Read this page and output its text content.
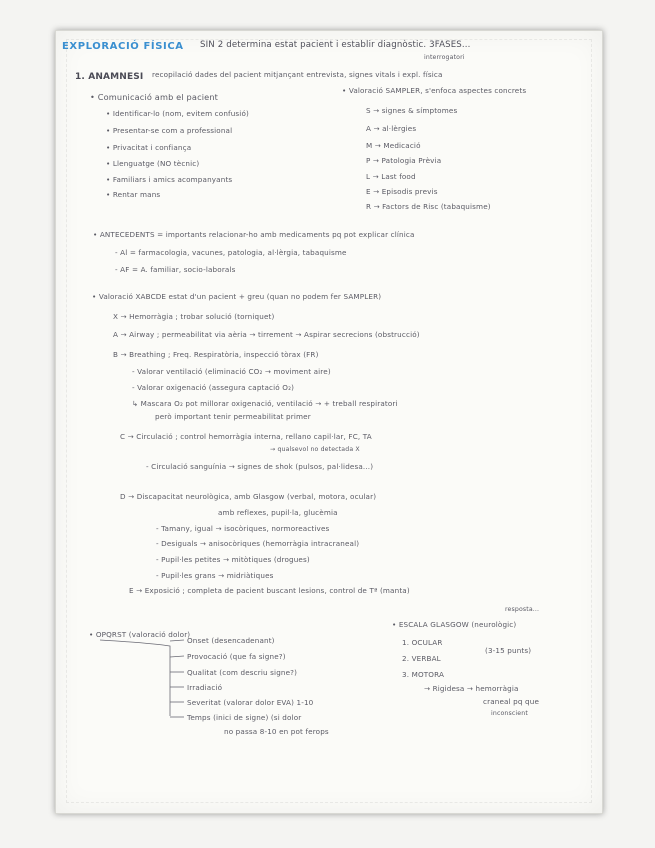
EXPLORACIÓ FÍSICA SIN 2 determina estat pacient i establir diagnòstic. 3FASES...
interrogatori
1. ANAMNESI recopilació dades del pacient mitjançant entrevista, signes vitals i expl. física
• Comunicació amb el pacient
• Identificar-lo (nom, evitem confusió)
• Presentar-se com a professional
• Privacitat i confiança
• Llenguatge (NO tècnic)
• Familiars i amics acompanyants
• Rentar mans
• Valoració SAMPLER, s'enfoca aspectes concrets
S → signes & símptomes
A → al·lèrgies
M → Medicació
P → Patologia Prèvia
L → Last food
E → Episodis previs
R → Factors de Risc (tabaquisme)
• ANTECEDENTS = importants relacionar-ho amb medicaments pq pot explicar clínica
- Al = farmacologia, vacunes, patologia, al·lèrgia, tabaquisme
- AF = A. familiar, socio-laborals
• Valoració XABCDE estat d'un pacient + greu (quan no podem fer SAMPLER)
X → Hemorràgia ; trobar solució (torniquet)
A → Airway ; permeabilitat via aèria → tirrement → Aspirar secrecions (obstrucció)
B → Breathing ; Freq. Respiratòria, inspecció tòrax (FR)
- Valorar ventilació (eliminació CO₂ → moviment aire)
- Valorar oxigenació (assegura captació O₂)
↳ Mascara O₂ pot millorar oxigenació, ventilació → + treball respiratori
però important tenir permeabilitat primer
C → Circulació ; control hemorràgia interna, rellano capil·lar, FC, TA
→ qualsevol no detectada X
- Circulació sanguínia → signes de shok (pulsos, pal·lidesa...)
D → Discapacitat neurològica, amb Glasgow (verbal, motora, ocular)
amb reflexes, pupil·la, glucèmia
- Tamany, igual → isocòriques, normoreactives
- Desiguals → anisocòriques (hemorràgia intracraneal)
- Pupil·les petites → mitòtiques (drogues)
- Pupil·les grans → midriàtiques
E → Exposició ; completa de pacient buscant lesions, control de Tª (manta)
• OPQRST (valoració dolor)
Onset (desencadenant)
Provocació (que fa signe?)
Qualitat (com descriu signe?)
Irradiació
Severitat (valorar dolor EVA) 1-10
Temps (inici de signe) (si dolor
no passa 8-10 en pot ferops
resposta...
• ESCALA GLASGOW (neurològic)
1. OCULAR
2. VERBAL
(3-15 punts)
3. MOTORA
→ Rigidesa → hemorràgia
craneal pq que
inconscient
